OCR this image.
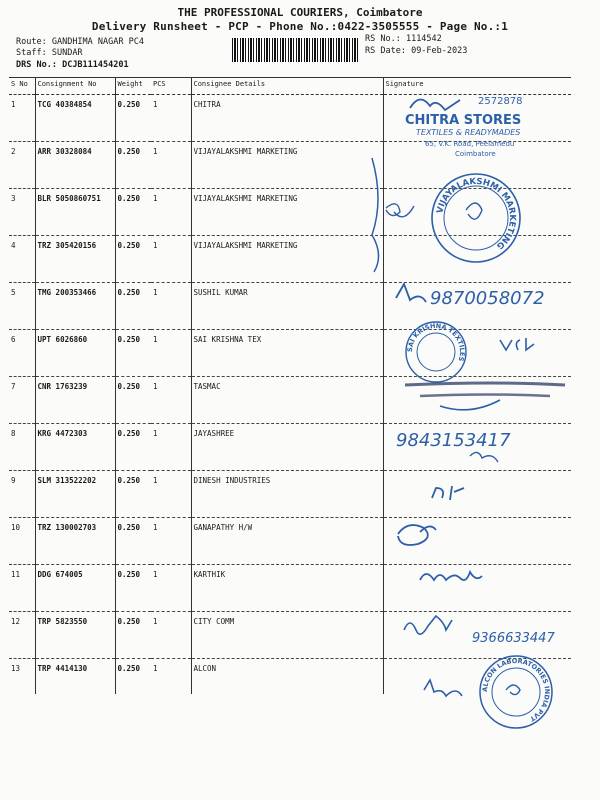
THE PROFESSIONAL COURIERS, Coimbatore
Delivery Runsheet - PCP - Phone No.:0422-3505555 - Page No.:1
Route: GANDHIMA NAGAR PC4
Staff: SUNDAR
DRS No.: DCJB111454201
RS No.: 1114542
RS Date: 09-Feb-2023
S No	Consignment No	Weight	PCS	Consignee Details	Signature
1	TCG 40384854	0.250	1	CHITRA	
2	ARR 30328084	0.250	1	VIJAYALAKSHMI MARKETING	
3	BLR 5050860751	0.250	1	VIJAYALAKSHMI MARKETING	
4	TRZ 305420156	0.250	1	VIJAYALAKSHMI MARKETING	
5	TMG 200353466	0.250	1	SUSHIL KUMAR	
6	UPT 6026860	0.250	1	SAI KRISHNA TEX	
7	CNR 1763239	0.250	1	TASMAC	
8	KRG 4472303	0.250	1	JAYASHREE	
9	SLM 313522202	0.250	1	DINESH INDUSTRIES	
10	TRZ 130002703	0.250	1	GANAPATHY H/W	
11	DDG 674005	0.250	1	KARTHIK	
12	TRP 5823550	0.250	1	CITY COMM	
13	TRP 4414130	0.250	1	ALCON	
2572878
CHITRA STORES
TEXTILES & READYMADES
65, V.K. Road, Peelamedu
Coimbatore
VIJAYALAKSHMI MARKETING
9870058072
SAI KRISHNA TEXTILES
9843153417
9366633447
ALCON LABORATORIES INDIA PVT
